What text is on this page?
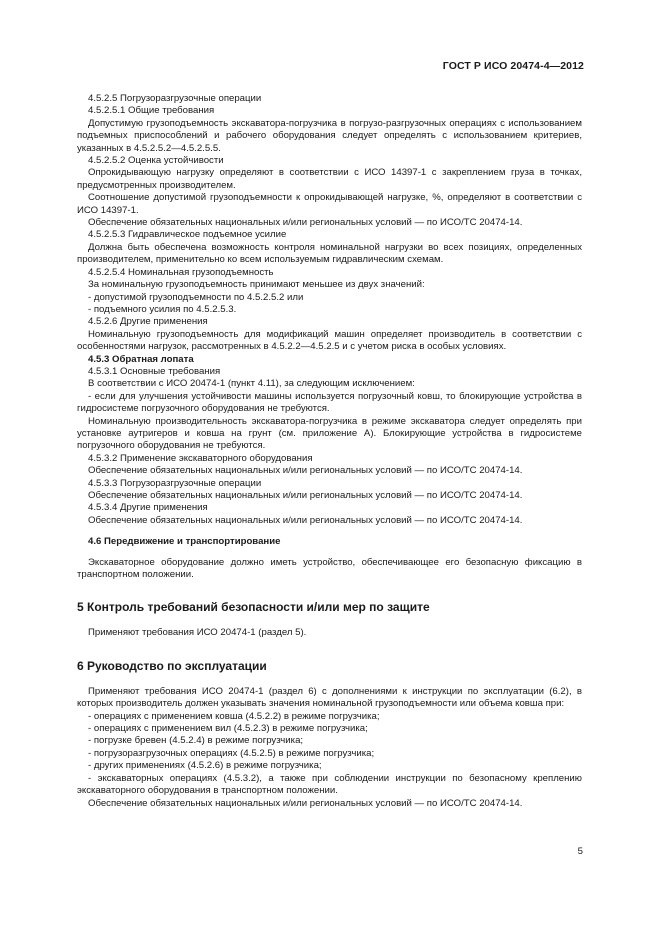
ГОСТ Р ИСО 20474-4—2012

4.5.2.5 Погрузоразгрузочные операции

4.5.2.5.1 Общие требования

Допустимую грузоподъемность экскаватора-погрузчика в погрузо-разгрузочных операциях с использованием подъемных приспособлений и рабочего оборудования следует определять с использованием критериев, указанных в 4.5.2.5.2—4.5.2.5.5.

4.5.2.5.2 Оценка устойчивости

Опрокидывающую нагрузку определяют в соответствии с ИСО 14397-1 с закреплением груза в точках, предусмотренных производителем.

Соотношение допустимой грузоподъемности к опрокидывающей нагрузке, %, определяют в соответствии с ИСО 14397-1.

Обеспечение обязательных национальных и/или региональных условий — по ИСО/ТС 20474-14.

4.5.2.5.3 Гидравлическое подъемное усилие

Должна быть обеспечена возможность контроля номинальной нагрузки во всех позициях, определенных производителем, применительно ко всем используемым гидравлическим схемам.

4.5.2.5.4 Номинальная грузоподъемность

За номинальную грузоподъемность принимают меньшее из двух значений:

- допустимой грузоподъемности по 4.5.2.5.2 или

- подъемного усилия по 4.5.2.5.3.

4.5.2.6 Другие применения

Номинальную грузоподъемность для модификаций машин определяет производитель в соответствии с особенностями нагрузок, рассмотренных в 4.5.2.2—4.5.2.5 и с учетом риска в особых условиях.

4.5.3 Обратная лопата

4.5.3.1 Основные требования

В соответствии с ИСО 20474-1 (пункт 4.11), за следующим исключением:

- если для улучшения устойчивости машины используется погрузочный ковш, то блокирующие устройства в гидросистеме погрузочного оборудования не требуются.

Номинальную производительность экскаватора-погрузчика в режиме экскаватора следует определять при установке аутригеров и ковша на грунт (см. приложение А). Блокирующие устройства в гидросистеме погрузочного оборудования не требуются.

4.5.3.2 Применение экскаваторного оборудования

Обеспечение обязательных национальных и/или региональных условий — по ИСО/ТС 20474-14.

4.5.3.3 Погрузоразгрузочные операции

Обеспечение обязательных национальных и/или региональных условий — по ИСО/ТС 20474-14.

4.5.3.4 Другие применения

Обеспечение обязательных национальных и/или региональных условий — по ИСО/ТС 20474-14.

4.6 Передвижение и транспортирование

Экскаваторное оборудование должно иметь устройство, обеспечивающее его безопасную фиксацию в транспортном положении.

5 Контроль требований безопасности и/или мер по защите

Применяют требования ИСО 20474-1 (раздел 5).

6 Руководство по эксплуатации

Применяют требования ИСО 20474-1 (раздел 6) с дополнениями к инструкции по эксплуатации (6.2), в которых производитель должен указывать значения номинальной грузоподъемности или объема ковша при:

- операциях с применением ковша (4.5.2.2) в режиме погрузчика;

- операциях с применением вил (4.5.2.3) в режиме погрузчика;

- погрузке бревен (4.5.2.4) в режиме погрузчика;

- погрузоразгрузочных операциях (4.5.2.5) в режиме погрузчика;

- других применениях (4.5.2.6) в режиме погрузчика;

- экскаваторных операциях (4.5.3.2), а также при соблюдении инструкции по безопасному креплению экскаваторного оборудования в транспортном положении.

Обеспечение обязательных национальных и/или региональных условий — по ИСО/ТС 20474-14.

5
